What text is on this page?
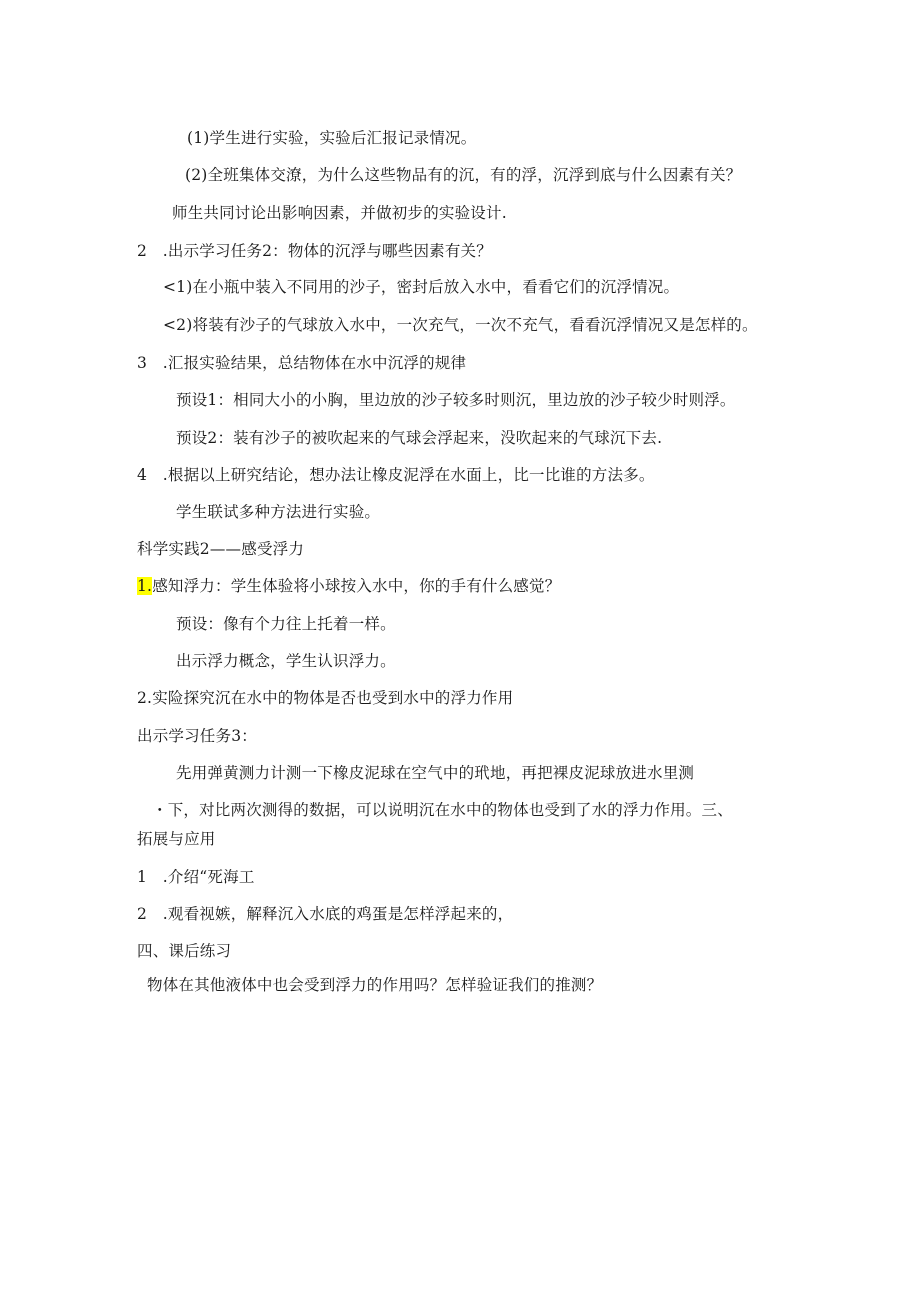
(1)学生进行实验，实验后汇报记录情况。
(2)全班集体交潦，为什么这些物品有的沉，有的浮，沉浮到底与什么因素有关？
师生共同讨论出影响因素，并做初步的实验设计.
2　.出示学习任务2：物体的沉浮与哪些因素有关？
<1)在小瓶中装入不同用的沙子，密封后放入水中，看看它们的沉浮情况。
<2)将装有沙子的气球放入水中，一次充气，一次不充气，看看沉浮情况又是怎样的。
3　.汇报实验结果，总结物体在水中沉浮的规律
预设1：相同大小的小胸，里边放的沙子较多时则沉，里边放的沙子较少时则浮。
预设2：装有沙子的被吹起来的气球会浮起来，没吹起来的气球沉下去.
4　.根据以上研究结论，想办法让橡皮泥浮在水面上，比一比谁的方法多。
学生联试多种方法进行实验。
科学实践2——感受浮力
1.感知浮力：学生体验将小球按入水中，你的手有什么感觉？
预设：像有个力往上托着一样。
出示浮力概念，学生认识浮力。
2.实险探究沉在水中的物体是否也受到水中的浮力作用
出示学习任务3：
先用弹黄测力计测一下橡皮泥球在空气中的玳地，再把裸皮泥球放进水里测
・下，对比两次测得的数据，可以说明沉在水中的物体也受到了水的浮力作用。三、
拓展与应用
1　.介绍“死海工
2　.观看视嫉，解释沉入水底的鸡蛋是怎样浮起来的，
四、课后练习
物体在其他液体中也会受到浮力的作用吗？怎样验证我们的推测？
